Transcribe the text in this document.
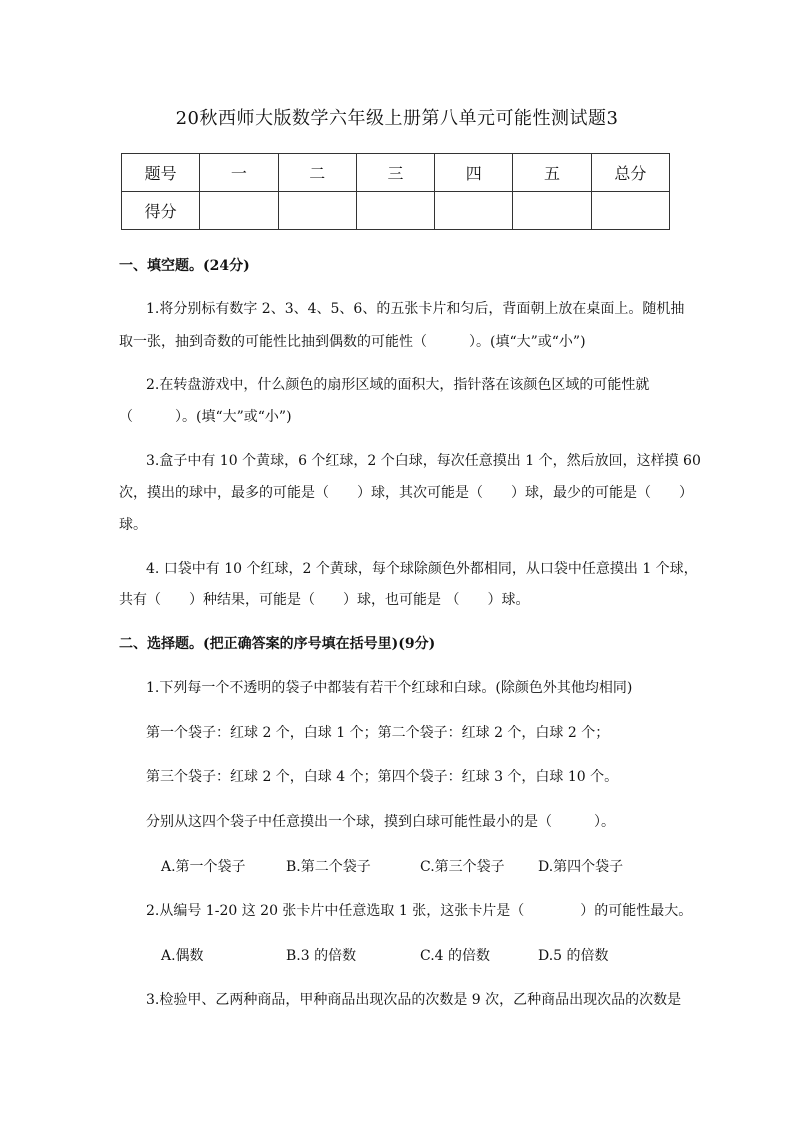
20秋西师大版数学六年级上册第八单元可能性测试题3
题号	一	二	三	四	五	总分
得分						
一、填空题。(24分)
1.将分别标有数字 2、3、4、5、6、的五张卡片和匀后，背面朝上放在桌面上。随机抽
取一张，抽到奇数的可能性比抽到偶数的可能性（　　　）。(填“大”或“小”)
2.在转盘游戏中，什么颜色的扇形区域的面积大，指针落在该颜色区域的可能性就
（　　　）。(填“大”或“小”)
3.盒子中有 10 个黄球，6 个红球，2 个白球，每次任意摸出 1 个，然后放回，这样摸 60
次，摸出的球中，最多的可能是（　　）球，其次可能是（　　）球，最少的可能是（　　）
球。
4. 口袋中有 10 个红球，2 个黄球，每个球除颜色外都相同，从口袋中任意摸出 1 个球，
共有（　　）种结果，可能是（　　）球，也可能是 （　　）球。
二、选择题。(把正确答案的序号填在括号里)(9分)
1.下列每一个不透明的袋子中都装有若干个红球和白球。(除颜色外其他均相同)
第一个袋子：红球 2 个，白球 1 个；第二个袋子：红球 2 个，白球 2 个；
第三个袋子：红球 2 个，白球 4 个；第四个袋子：红球 3 个，白球 10 个。
分别从这四个袋子中任意摸出一个球，摸到白球可能性最小的是（　　　）。
A.第一个袋子	B.第二个袋子	C.第三个袋子 D.第四个袋子
2.从编号 1-20 这 20 张卡片中任意选取 1 张，这张卡片是（　　　　）的可能性最大。
A.偶数	B.3 的倍数	C.4 的倍数	D.5 的倍数
3.检验甲、乙两种商品，甲种商品出现次品的次数是 9 次，乙种商品出现次品的次数是
